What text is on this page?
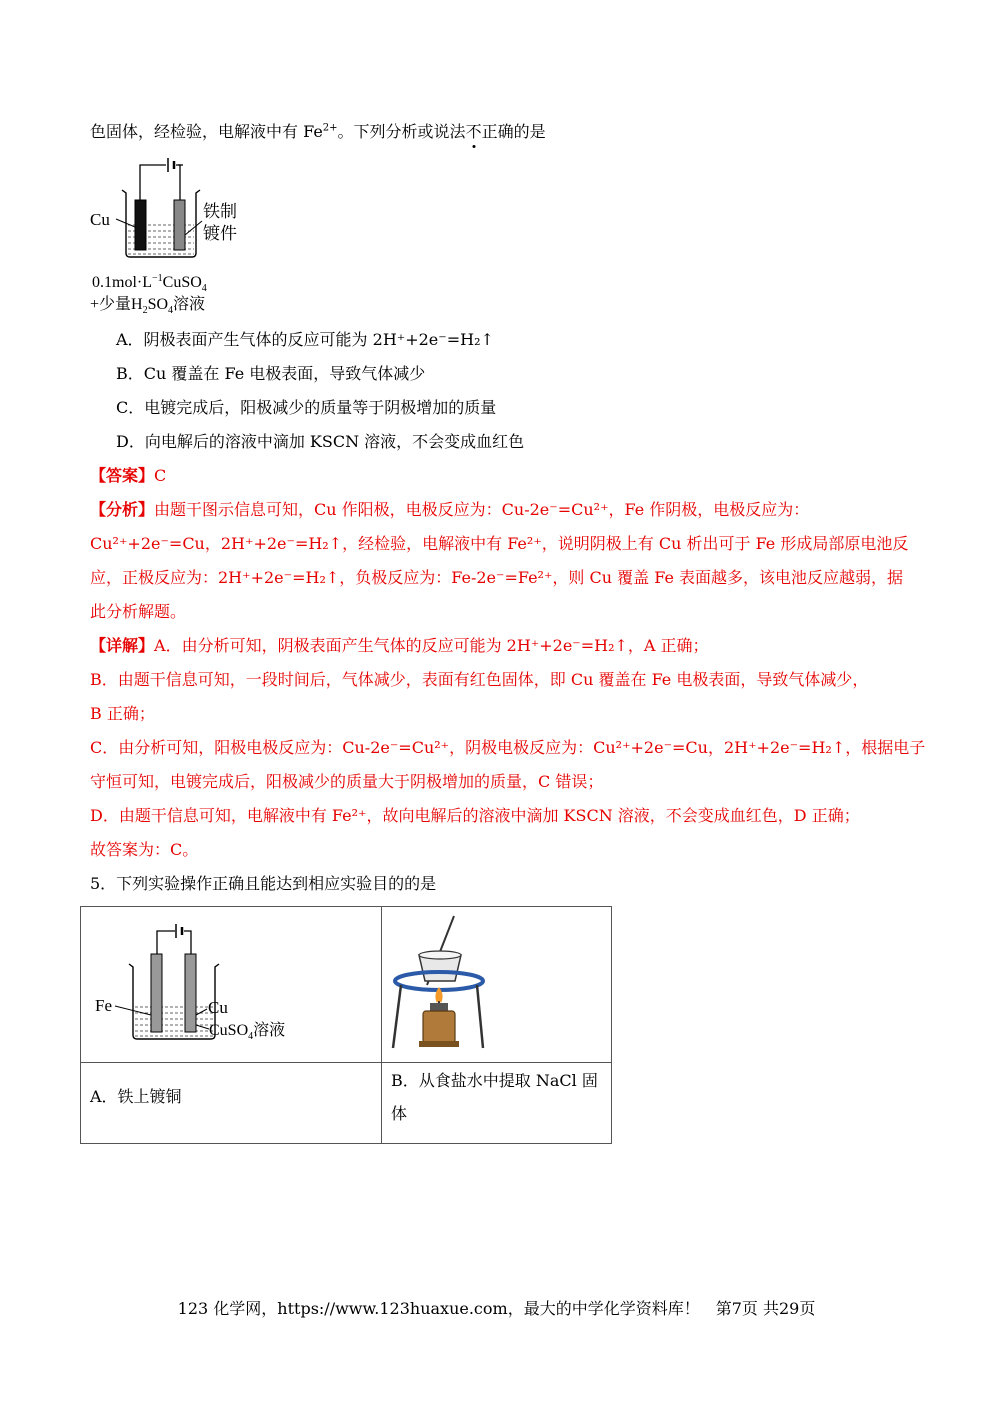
色固体，经检验，电解液中有 $Fe^{2+}$。下列分析或说法不正确的是
Cu	铁制
镀件
$0.1mol\cdot L^{-1}CuSO_4$
+少量$H_2SO_4$溶液
A．阴极表面产生气体的反应可能为 2H⁺+2e⁻=H₂↑
B．Cu 覆盖在 Fe 电极表面，导致气体减少
C．电镀完成后，阳极减少的质量等于阴极增加的质量
D．向电解后的溶液中滴加 KSCN 溶液，不会变成血红色
【答案】C
【分析】由题干图示信息可知，Cu 作阳极，电极反应为：Cu-2e⁻=Cu²⁺，Fe 作阴极，电极反应为：
Cu²⁺+2e⁻=Cu，2H⁺+2e⁻=H₂↑，经检验，电解液中有 Fe²⁺，说明阴极上有 Cu 析出可于 Fe 形成局部原电池反
应，正极反应为：2H⁺+2e⁻=H₂↑，负极反应为：Fe-2e⁻=Fe²⁺，则 Cu 覆盖 Fe 表面越多，该电池反应越弱，据
此分析解题。
【详解】A．由分析可知，阴极表面产生气体的反应可能为 2H⁺+2e⁻=H₂↑，A 正确；
B．由题干信息可知，一段时间后，气体减少，表面有红色固体，即 Cu 覆盖在 Fe 电极表面，导致气体减少，
B 正确；
C．由分析可知，阳极电极反应为：Cu-2e⁻=Cu²⁺，阴极电极反应为：Cu²⁺+2e⁻=Cu，2H⁺+2e⁻=H₂↑，根据电子
守恒可知，电镀完成后，阳极减少的质量大于阴极增加的质量，C 错误；
D．由题干信息可知，电解液中有 Fe²⁺，故向电解后的溶液中滴加 KSCN 溶液，不会变成血红色，D 正确；
故答案为：C。
5．下列实验操作正确且能达到相应实验目的的是
Fe	Cu
CuSO$_4$溶液
A．铁上镀铜
B．从食盐水中提取 NaCl 固
体
123 化学网，https://www.123huaxue.com，最大的中学化学资料库！　第7页 共29页
